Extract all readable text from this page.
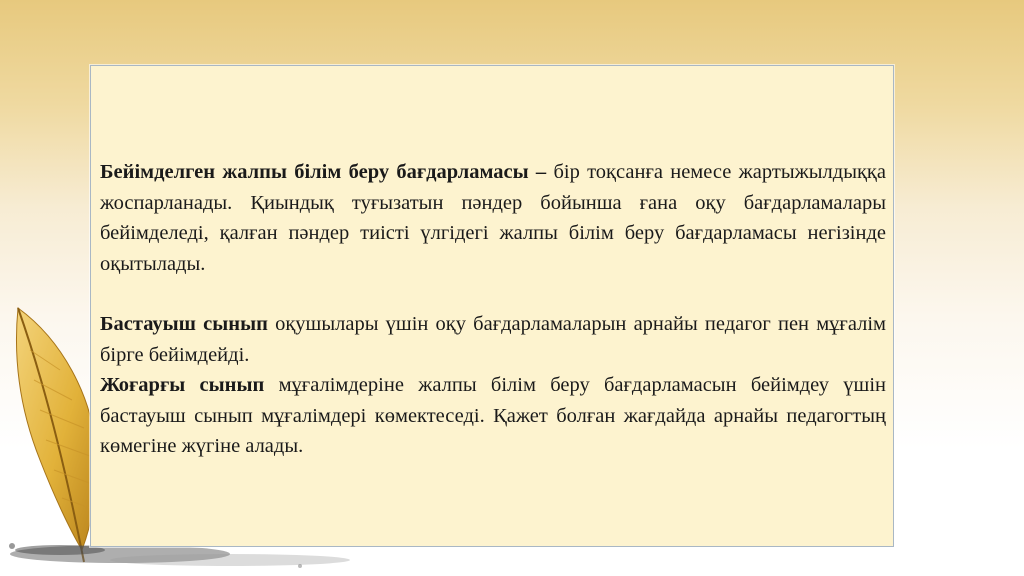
Бейімделген жалпы білім беру бағдарламасы – бір тоқсанға немесе жартыжылдыққа жоспарланады. Қиындық туғызатын пәндер бойынша ғана оқу бағдарламалары бейімделеді, қалған пәндер тиісті үлгідегі жалпы білім беру бағдарламасы негізінде оқытылады.

Бастауыш сынып оқушылары үшін оқу бағдарламаларын арнайы педагог пен мұғалім бірге бейімдейді.

Жоғарғы сынып мұғалімдеріне жалпы білім беру бағдарламасын бейімдеу үшін бастауыш сынып мұғалімдері көмектеседі. Қажет болған жағдайда арнайы педагогтың көмегіне жүгіне алады.
